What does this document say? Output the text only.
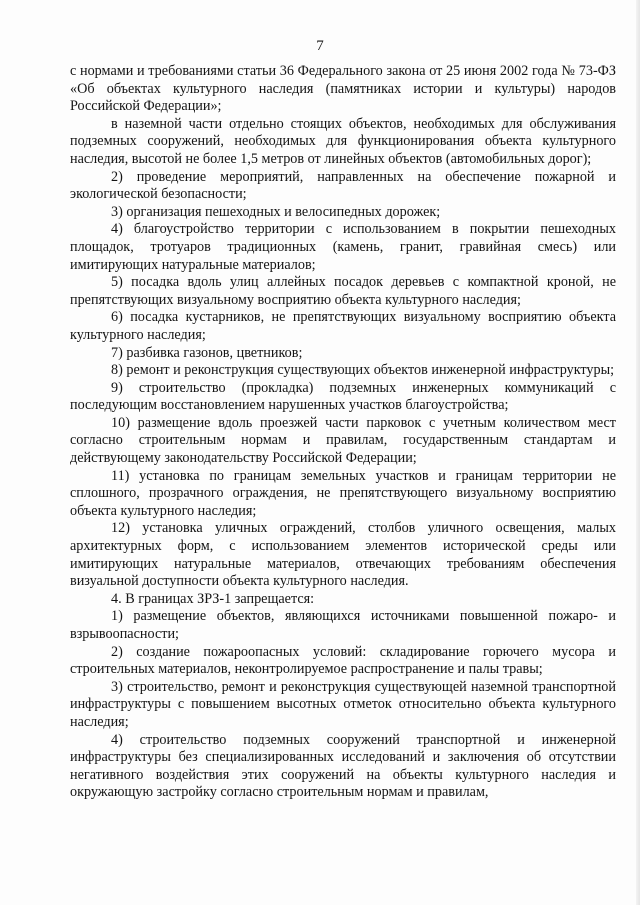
7

с нормами и требованиями статьи 36 Федерального закона от 25 июня 2002 года № 73-ФЗ «Об объектах культурного наследия (памятниках истории и культуры) народов Российской Федерации»;

в наземной части отдельно стоящих объектов, необходимых для обслуживания подземных сооружений, необходимых для функционирования объекта культурного наследия, высотой не более 1,5 метров от линейных объектов (автомобильных дорог);

2) проведение мероприятий, направленных на обеспечение пожарной и экологической безопасности;

3) организация пешеходных и велосипедных дорожек;

4) благоустройство территории с использованием в покрытии пешеходных площадок, тротуаров традиционных (камень, гранит, гравийная смесь) или имитирующих натуральные материалов;

5) посадка вдоль улиц аллейных посадок деревьев с компактной кроной, не препятствующих визуальному восприятию объекта культурного наследия;

6) посадка кустарников, не препятствующих визуальному восприятию объекта культурного наследия;

7) разбивка газонов, цветников;

8) ремонт и реконструкция существующих объектов инженерной инфраструктуры;

9) строительство (прокладка) подземных инженерных коммуникаций с последующим восстановлением нарушенных участков благоустройства;

10) размещение вдоль проезжей части парковок с учетным количеством мест согласно строительным нормам и правилам, государственным стандартам и действующему законодательству Российской Федерации;

11) установка по границам земельных участков и границам территории не сплошного, прозрачного ограждения, не препятствующего визуальному восприятию объекта культурного наследия;

12) установка уличных ограждений, столбов уличного освещения, малых архитектурных форм, с использованием элементов исторической среды или имитирующих натуральные материалов, отвечающих требованиям обеспечения визуальной доступности объекта культурного наследия.

4. В границах ЗРЗ-1 запрещается:

1) размещение объектов, являющихся источниками повышенной пожаро- и взрывоопасности;

2) создание пожароопасных условий: складирование горючего мусора и строительных материалов, неконтролируемое распространение и палы травы;

3) строительство, ремонт и реконструкция существующей наземной транспортной инфраструктуры с повышением высотных отметок относительно объекта культурного наследия;

4) строительство подземных сооружений транспортной и инженерной инфраструктуры без специализированных исследований и заключения об отсутствии негативного воздействия этих сооружений на объекты культурного наследия и окружающую застройку согласно строительным нормам и правилам,
